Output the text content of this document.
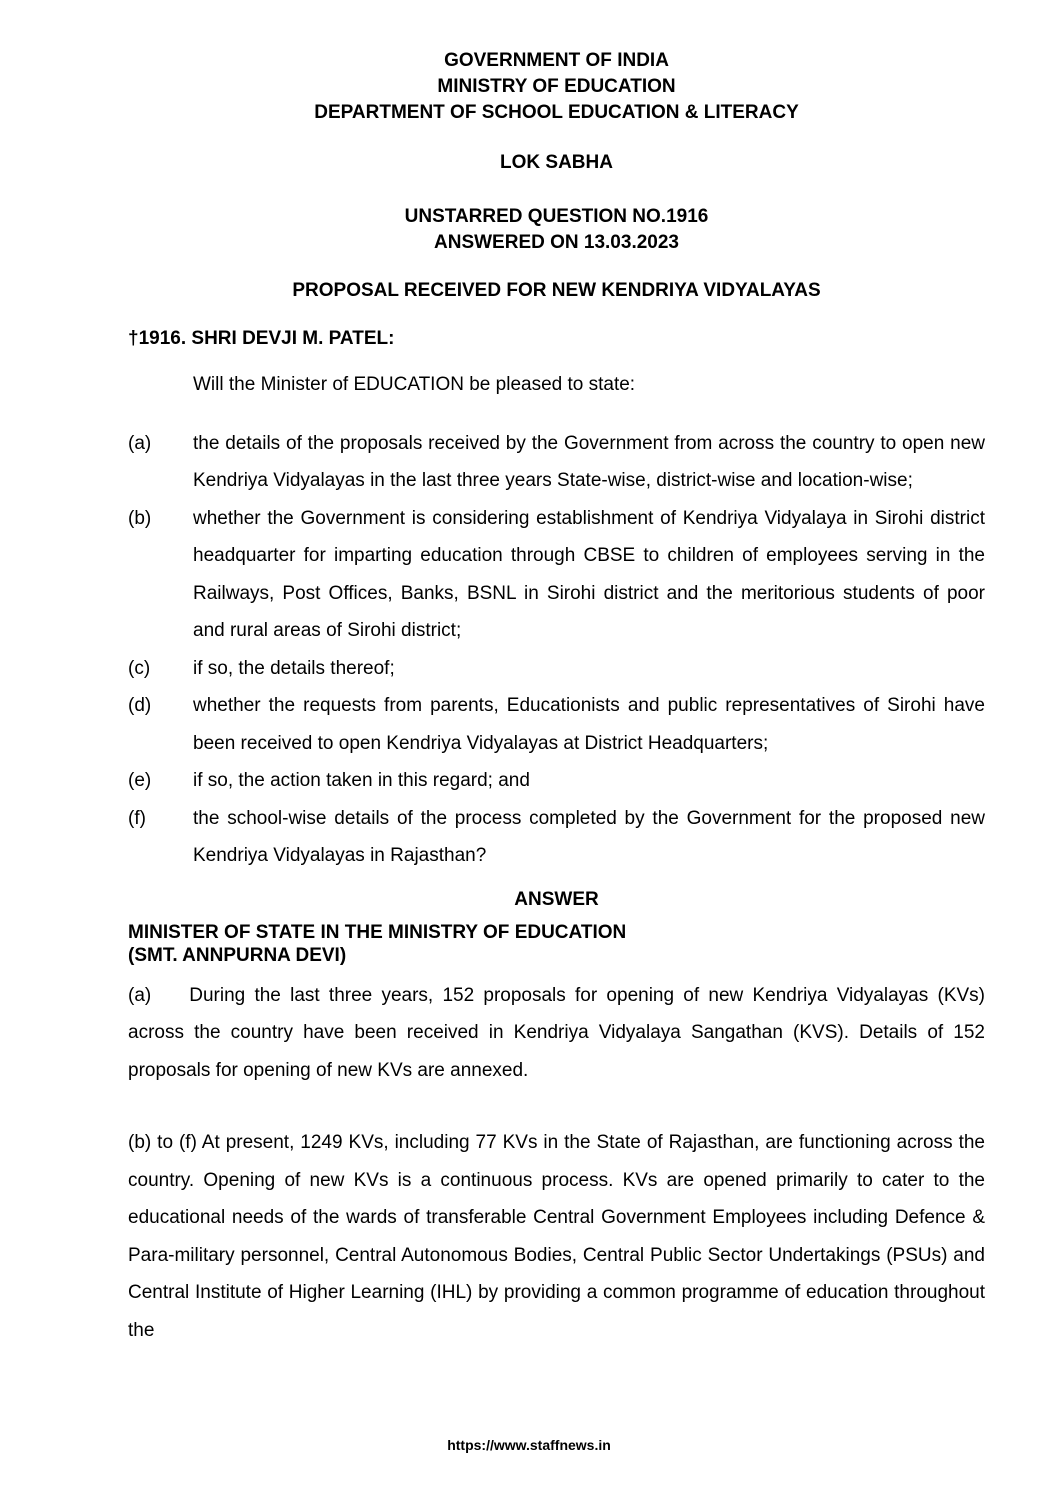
GOVERNMENT OF INDIA
MINISTRY OF EDUCATION
DEPARTMENT OF SCHOOL EDUCATION & LITERACY
LOK SABHA
UNSTARRED QUESTION NO.1916
ANSWERED ON 13.03.2023
PROPOSAL RECEIVED FOR NEW KENDRIYA VIDYALAYAS
†1916. SHRI DEVJI M. PATEL:
Will the Minister of EDUCATION be pleased to state:
(a) the details of the proposals received by the Government from across the country to open new Kendriya Vidyalayas in the last three years State-wise, district-wise and location-wise;
(b) whether the Government is considering establishment of Kendriya Vidyalaya in Sirohi district headquarter for imparting education through CBSE to children of employees serving in the Railways, Post Offices, Banks, BSNL in Sirohi district and the meritorious students of poor and rural areas of Sirohi district;
(c) if so, the details thereof;
(d) whether the requests from parents, Educationists and public representatives of Sirohi have been received to open Kendriya Vidyalayas at District Headquarters;
(e) if so, the action taken in this regard; and
(f) the school-wise details of the process completed by the Government for the proposed new Kendriya Vidyalayas in Rajasthan?
ANSWER
MINISTER OF STATE IN THE MINISTRY OF EDUCATION
(SMT. ANNPURNA DEVI)

(a) During the last three years, 152 proposals for opening of new Kendriya Vidyalayas (KVs) across the country have been received in Kendriya Vidyalaya Sangathan (KVS). Details of 152 proposals for opening of new KVs are annexed.

(b) to (f) At present, 1249 KVs, including 77 KVs in the State of Rajasthan, are functioning across the country. Opening of new KVs is a continuous process. KVs are opened primarily to cater to the educational needs of the wards of transferable Central Government Employees including Defence & Para-military personnel, Central Autonomous Bodies, Central Public Sector Undertakings (PSUs) and Central Institute of Higher Learning (IHL) by providing a common programme of education throughout the

https://www.staffnews.in
